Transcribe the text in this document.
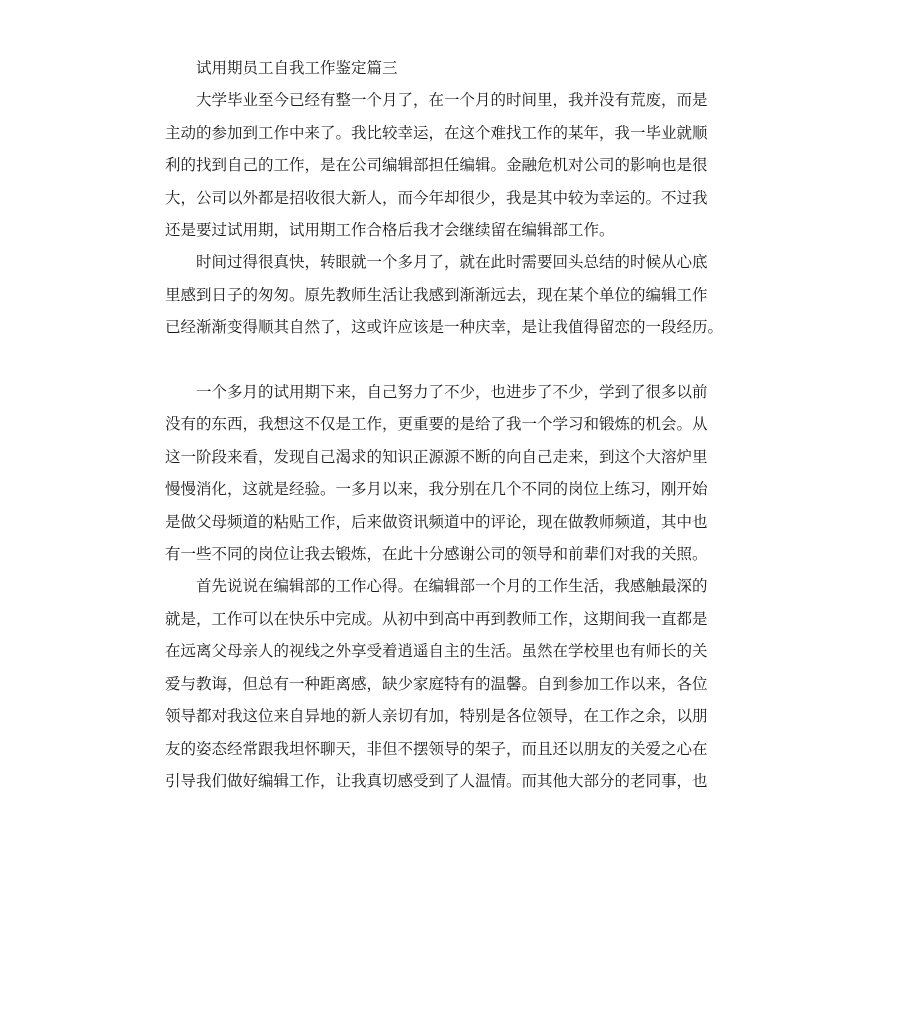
试用期员工自我工作鉴定篇三
大学毕业至今已经有整一个月了，在一个月的时间里，我并没有荒废，而是
主动的参加到工作中来了。我比较幸运，在这个难找工作的某年，我一毕业就顺
利的找到自己的工作，是在公司编辑部担任编辑。金融危机对公司的影响也是很
大，公司以外都是招收很大新人，而今年却很少，我是其中较为幸运的。不过我
还是要过试用期，试用期工作合格后我才会继续留在编辑部工作。
时间过得很真快，转眼就一个多月了，就在此时需要回头总结的时候从心底
里感到日子的匆匆。原先教师生活让我感到渐渐远去，现在某个单位的编辑工作
已经渐渐变得顺其自然了，这或许应该是一种庆幸，是让我值得留恋的一段经历。
一个多月的试用期下来，自己努力了不少，也进步了不少，学到了很多以前
没有的东西，我想这不仅是工作，更重要的是给了我一个学习和锻炼的机会。从
这一阶段来看，发现自己渴求的知识正源源不断的向自己走来，到这个大溶炉里
慢慢消化，这就是经验。一多月以来，我分别在几个不同的岗位上练习，刚开始
是做父母频道的粘贴工作，后来做资讯频道中的评论，现在做教师频道，其中也
有一些不同的岗位让我去锻炼，在此十分感谢公司的领导和前辈们对我的关照。
首先说说在编辑部的工作心得。在编辑部一个月的工作生活，我感触最深的
就是，工作可以在快乐中完成。从初中到高中再到教师工作，这期间我一直都是
在远离父母亲人的视线之外享受着逍遥自主的生活。虽然在学校里也有师长的关
爱与教诲，但总有一种距离感，缺少家庭特有的温馨。自到参加工作以来，各位
领导都对我这位来自异地的新人亲切有加，特别是各位领导，在工作之余，以朋
友的姿态经常跟我坦怀聊天，非但不摆领导的架子，而且还以朋友的关爱之心在
引导我们做好编辑工作，让我真切感受到了人温情。而其他大部分的老同事，也
